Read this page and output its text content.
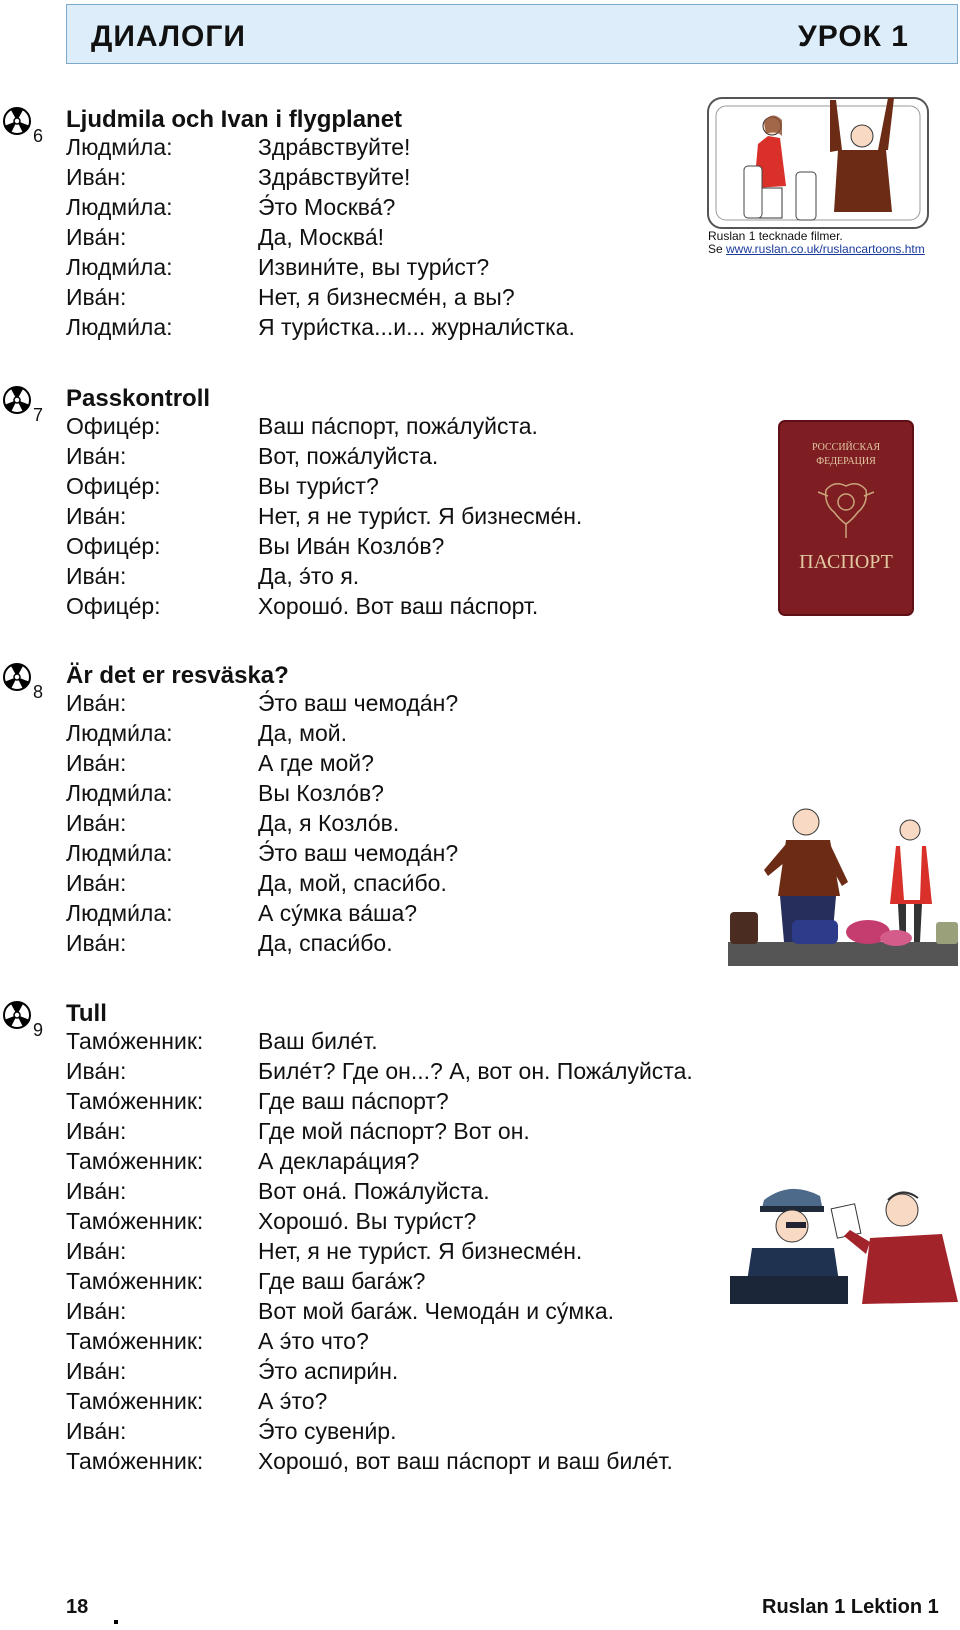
ДИАЛОГИ	УРОК 1
6
Ljudmila och Ivan i flygplanet
Людми́ла:	Здра́вствуйте!
Ива́н:	Здра́вствуйте!
Людми́ла:	Э́то Москва́?
Ива́н:	Да, Москва́!
Людми́ла:	Извини́те, вы тури́ст?
Ива́н:	Нет, я бизнесме́н, а вы?
Людми́ла:	Я тури́стка...и... журнали́стка.
7
Passkontroll
Офице́р:	Ваш па́спорт, пожа́луйста.
Ива́н:	Вот, пожа́луйста.
Офице́р:	Вы тури́ст?
Ива́н:	Нет, я не тури́ст. Я бизнесме́н.
Офице́р:	Вы Ива́н Козло́в?
Ива́н:	Да, э́то я.
Офице́р:	Хорошо́. Вот ваш па́спорт.
8
Är det er resväska?
Ива́н:	Э́то ваш чемода́н?
Людми́ла:	Да, мой.
Ива́н:	А где мой?
Людми́ла:	Вы Козло́в?
Ива́н:	Да, я Козло́в.
Людми́ла:	Э́то ваш чемода́н?
Ива́н:	Да, мой, спаси́бо.
Людми́ла:	А су́мка ва́ша?
Ива́н:	Да, спаси́бо.
9
Tull
Тамо́женник: Ваш биле́т.
Ива́н:	Биле́т? Где он...? А, вот он. Пожа́луйста.
Тамо́женник: Где ваш па́спорт?
Ива́н:	Где мой па́спорт? Вот он.
Тамо́женник: А деклара́ция?
Ива́н:	Вот она́. Пожа́луйста.
Тамо́женник: Хорошо́. Вы тури́ст?
Ива́н:	Нет, я не тури́ст. Я бизнесме́н.
Тамо́женник: Где ваш бага́ж?
Ива́н:	Вот мой бага́ж. Чемода́н и су́мка.
Тамо́женник: А э́то что?
Ива́н:	Э́то аспири́н.
Тамо́женник: А э́то?
Ива́н:	Э́то сувени́р.
Тамо́женник: Хорошо́, вот ваш па́спорт и ваш биле́т.
Ruslan 1 tecknade filmer.
Se www.ruslan.co.uk/ruslancartoons.htm
РОССИЙСКАЯ
ФЕДЕРАЦИЯ
ПАСПОРТ
18	Ruslan 1 Lektion 1
